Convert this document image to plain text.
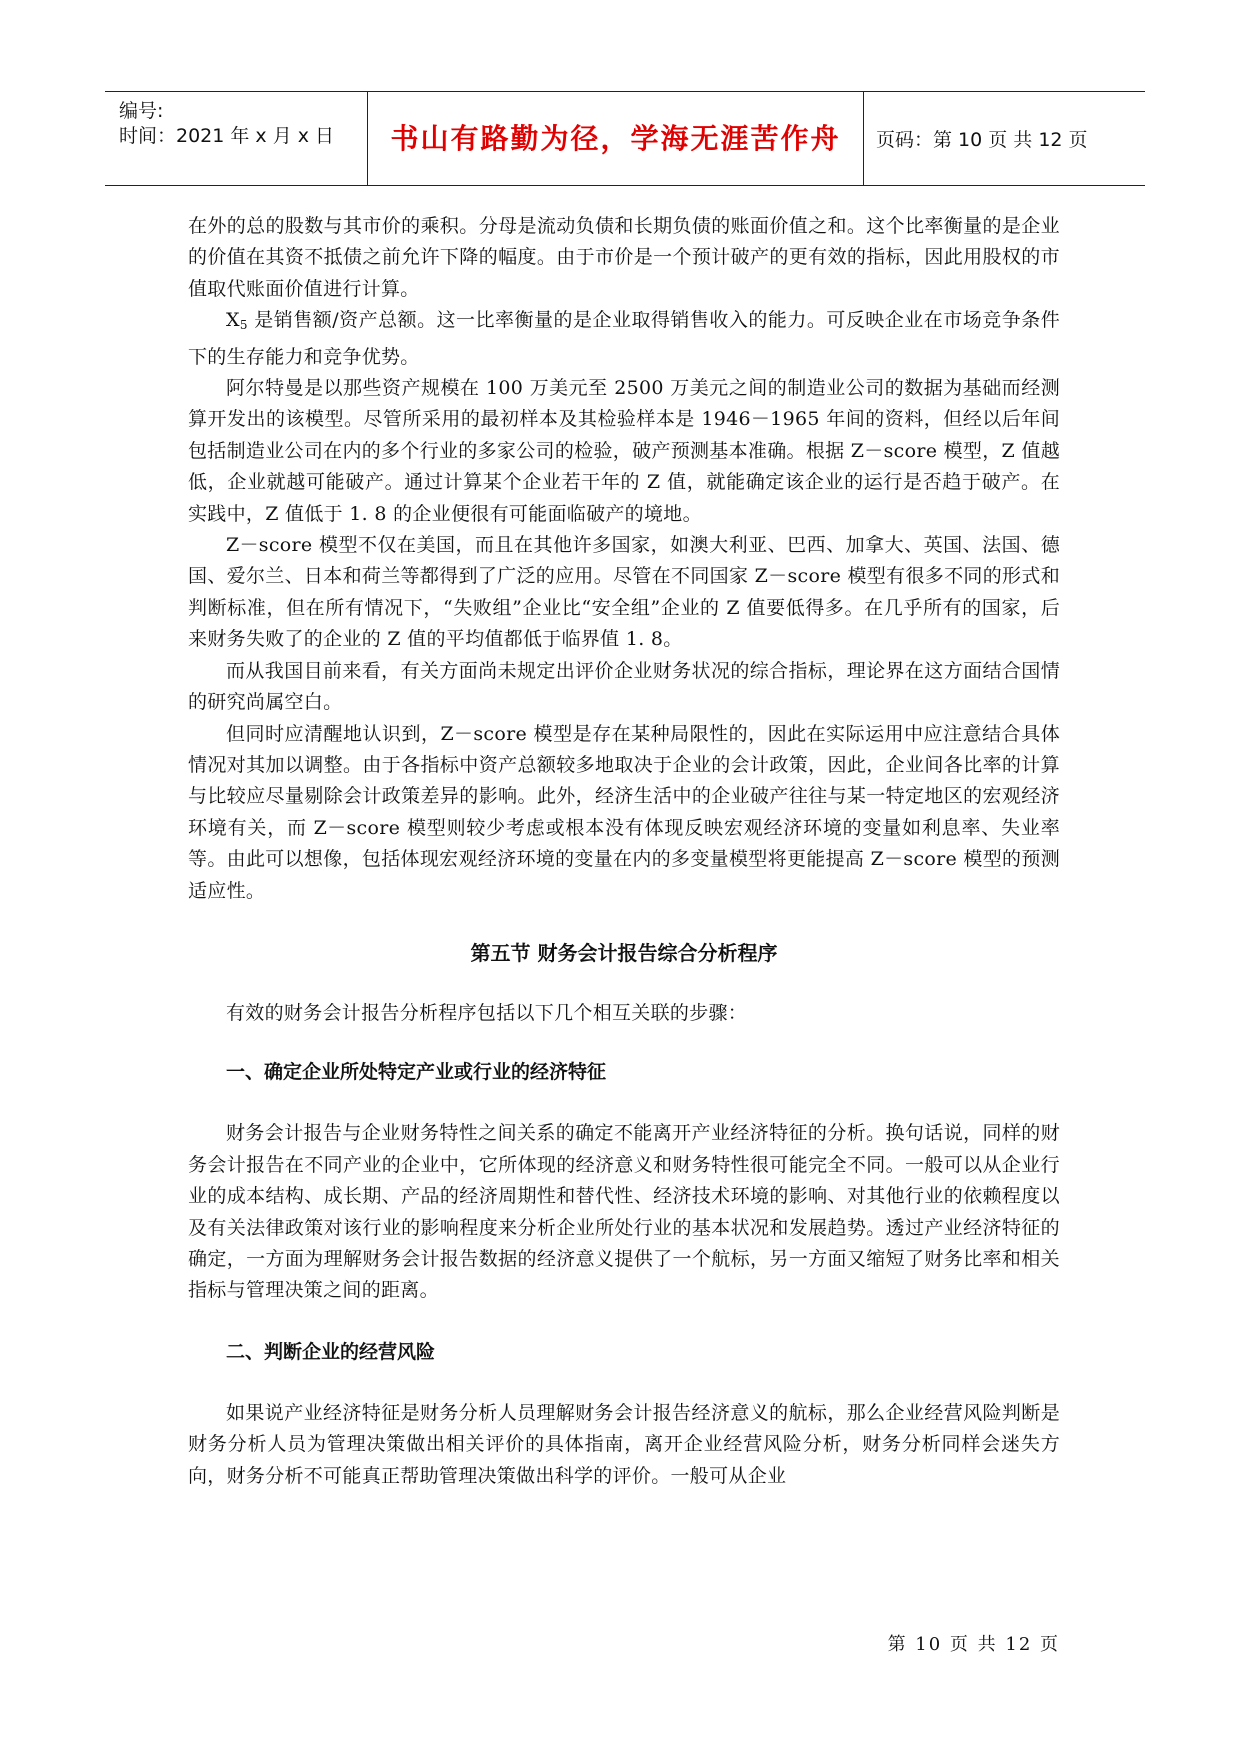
编号:
时间：2021 年 x 月 x 日	书山有路勤为径，学海无涯苦作舟	页码：第 10 页 共 12 页

在外的总的股数与其市价的乘积。分母是流动负债和长期负债的账面价值之和。这个比率衡量的是企业的价值在其资不抵债之前允许下降的幅度。由于市价是一个预计破产的更有效的指标，因此用股权的市值取代账面价值进行计算。

$X_5$ 是销售额/资产总额。这一比率衡量的是企业取得销售收入的能力。可反映企业在市场竞争条件下的生存能力和竞争优势。

阿尔特曼是以那些资产规模在 100 万美元至 2500 万美元之间的制造业公司的数据为基础而经测算开发出的该模型。尽管所采用的最初样本及其检验样本是 1946－1965 年间的资料，但经以后年间包括制造业公司在内的多个行业的多家公司的检验，破产预测基本准确。根据 Z－score 模型，Z 值越低，企业就越可能破产。通过计算某个企业若干年的 Z 值，就能确定该企业的运行是否趋于破产。在实践中，Z 值低于 1. 8 的企业便很有可能面临破产的境地。

Z－score 模型不仅在美国，而且在其他许多国家，如澳大利亚、巴西、加拿大、英国、法国、德国、爱尔兰、日本和荷兰等都得到了广泛的应用。尽管在不同国家 Z－score 模型有很多不同的形式和判断标准，但在所有情况下，“失败组”企业比“安全组”企业的 Z 值要低得多。在几乎所有的国家，后来财务失败了的企业的 Z 值的平均值都低于临界值 1. 8。

而从我国目前来看，有关方面尚未规定出评价企业财务状况的综合指标，理论界在这方面结合国情的研究尚属空白。

但同时应清醒地认识到，Z－score 模型是存在某种局限性的，因此在实际运用中应注意结合具体情况对其加以调整。由于各指标中资产总额较多地取决于企业的会计政策，因此，企业间各比率的计算与比较应尽量剔除会计政策差异的影响。此外，经济生活中的企业破产往往与某一特定地区的宏观经济环境有关，而 Z－score 模型则较少考虑或根本没有体现反映宏观经济环境的变量如利息率、失业率等。由此可以想像，包括体现宏观经济环境的变量在内的多变量模型将更能提高 Z－score 模型的预测适应性。

第五节 财务会计报告综合分析程序

有效的财务会计报告分析程序包括以下几个相互关联的步骤：

一、确定企业所处特定产业或行业的经济特征

财务会计报告与企业财务特性之间关系的确定不能离开产业经济特征的分析。换句话说，同样的财务会计报告在不同产业的企业中，它所体现的经济意义和财务特性很可能完全不同。一般可以从企业行业的成本结构、成长期、产品的经济周期性和替代性、经济技术环境的影响、对其他行业的依赖程度以及有关法律政策对该行业的影响程度来分析企业所处行业的基本状况和发展趋势。透过产业经济特征的确定，一方面为理解财务会计报告数据的经济意义提供了一个航标，另一方面又缩短了财务比率和相关指标与管理决策之间的距离。

二、判断企业的经营风险

如果说产业经济特征是财务分析人员理解财务会计报告经济意义的航标，那么企业经营风险判断是财务分析人员为管理决策做出相关评价的具体指南，离开企业经营风险分析，财务分析同样会迷失方向，财务分析不可能真正帮助管理决策做出科学的评价。一般可从企业

第 10 页 共 12 页
